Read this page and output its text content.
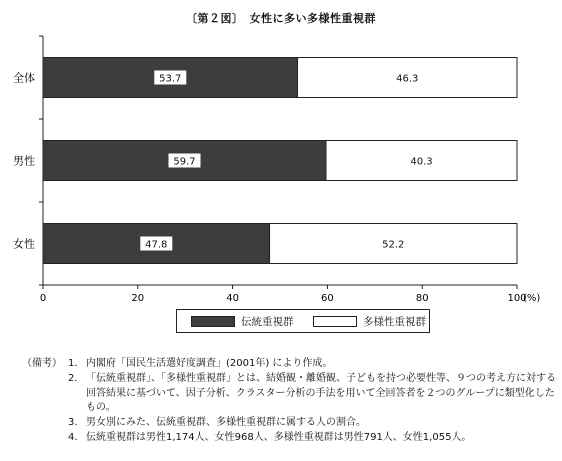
〔第２図〕　女性に多い多様性重視群
0	20	40	60	80	100
(%)
全体	53.7	46.3
男性	59.7	40.3
女性	47.8	52.2
伝統重視群	多様性重視群
（備考） 1． 内閣府「国民生活選好度調査」(2001年) により作成。
2． 「伝統重視群」、「多様性重視群」とは、結婚観・離婚観、子どもを持つ必要性等、９つの考え方に対する回答結果に基づいて、因子分析、クラスター分析の手法を用いて全回答者を２つのグループに類型化したもの。
3． 男女別にみた、伝統重視群、多様性重視群に属する人の割合。
4． 伝統重視群は男性1,174人、女性968人、多様性重視群は男性791人、女性1,055人。
